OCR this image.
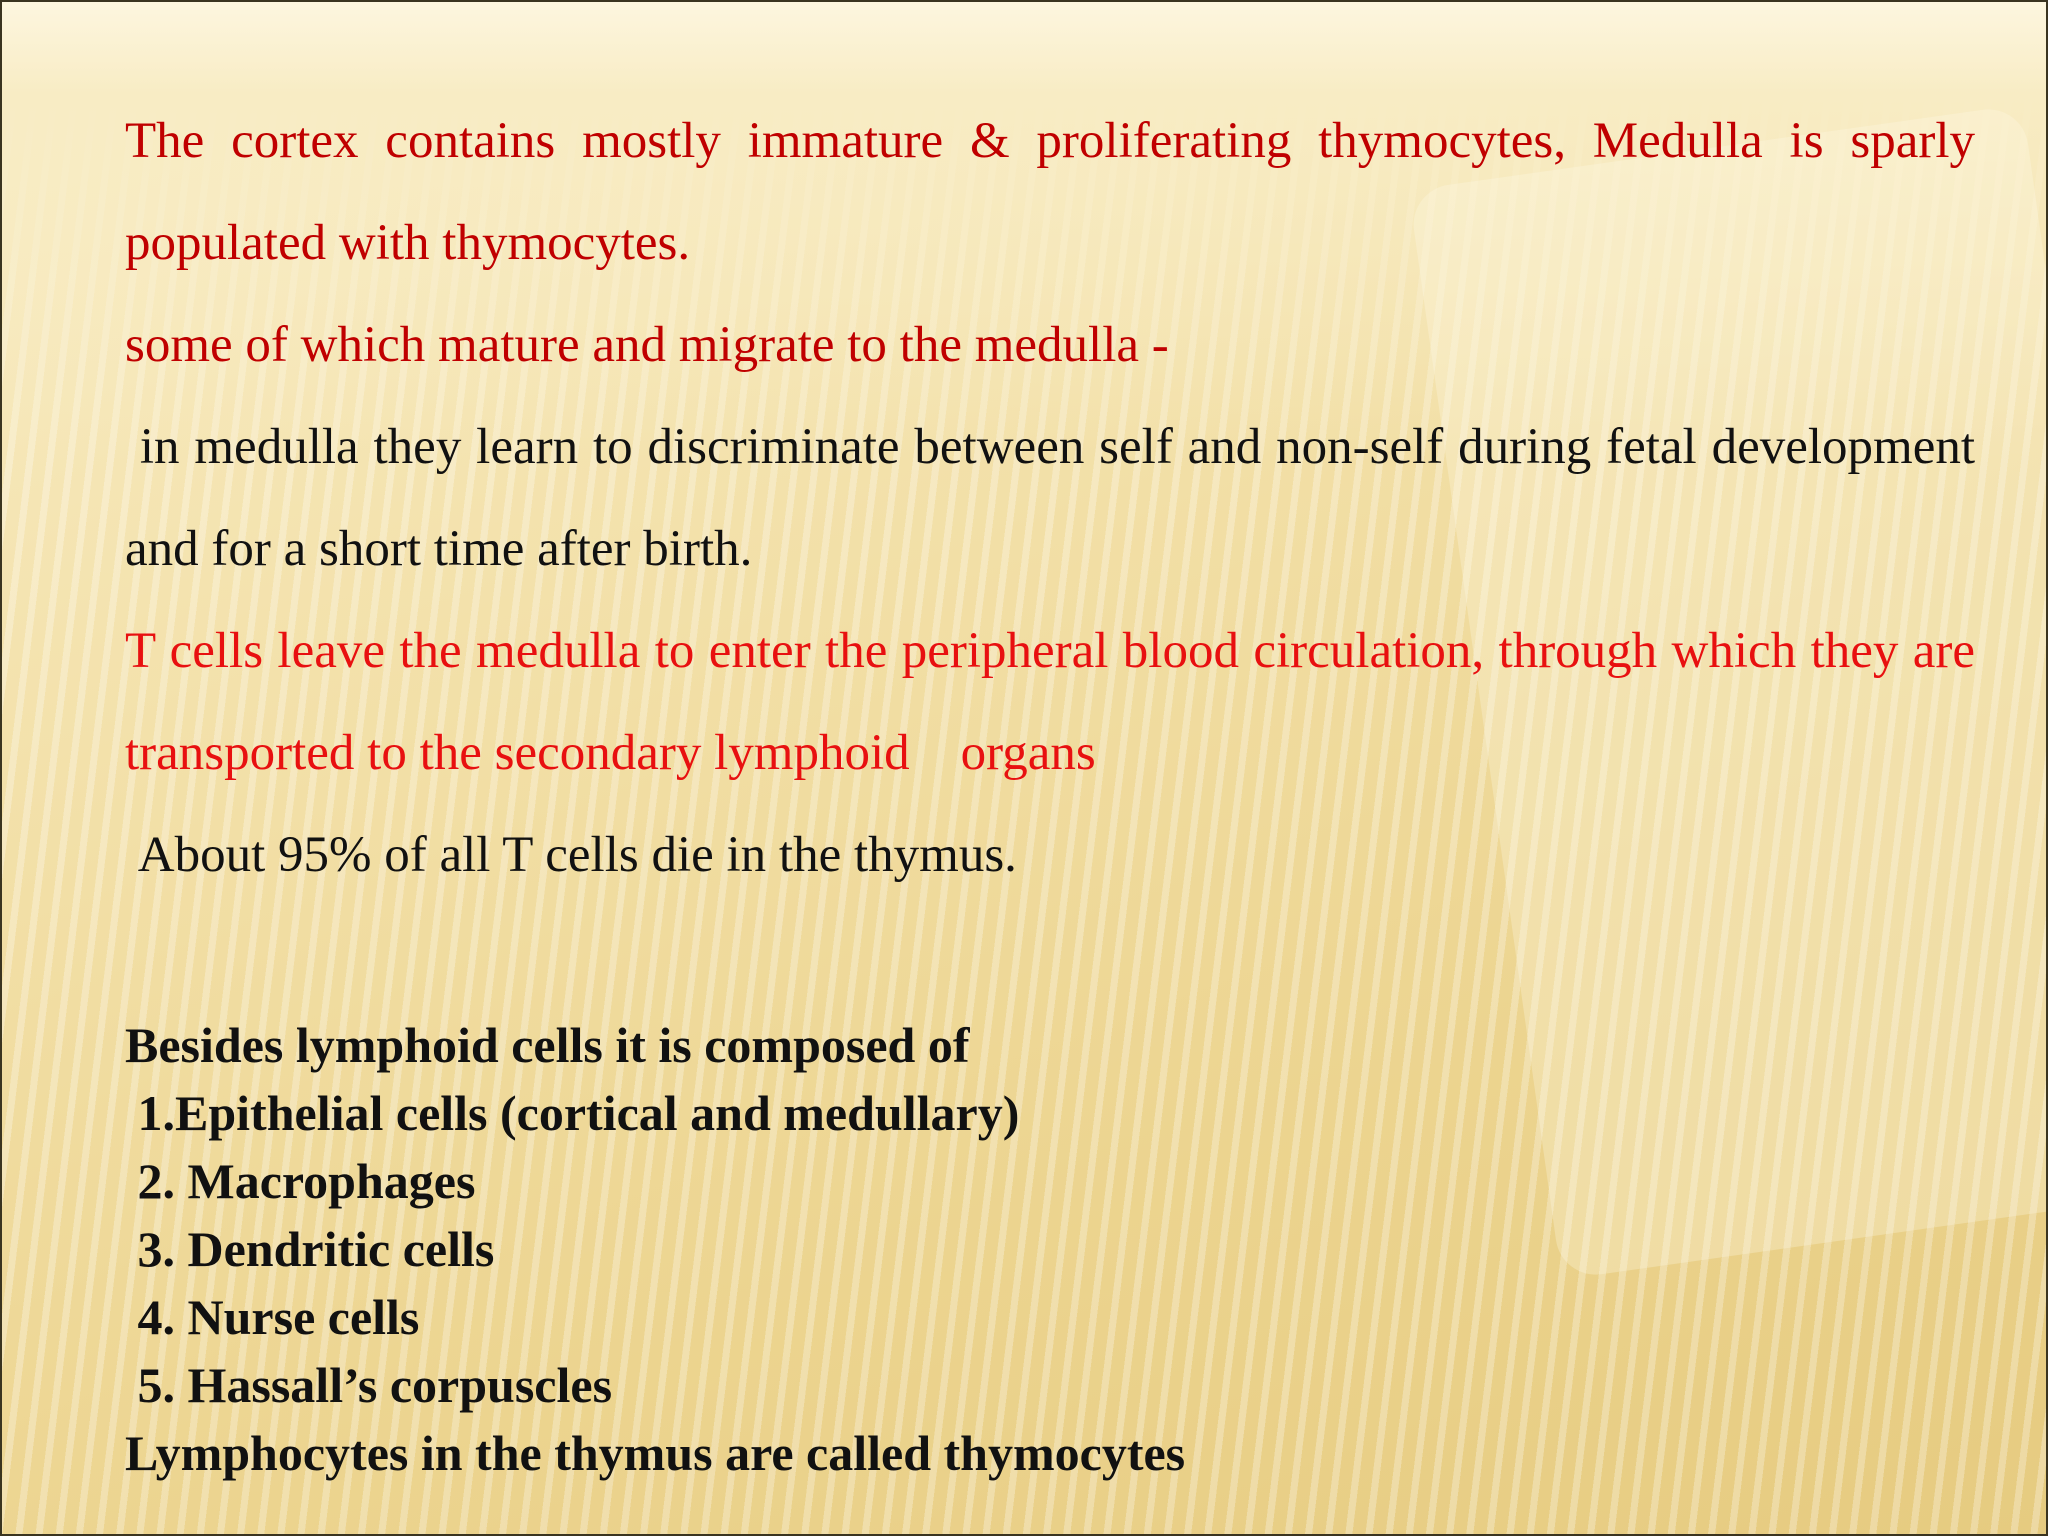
The cortex contains mostly immature & proliferating thymocytes, Medulla is sparly populated with thymocytes.

some of which mature and migrate to the medulla -

in medulla they learn to discriminate between self and non-self during fetal development and for a short time after birth.

T cells leave the medulla to enter the peripheral blood circulation, through which they are transported to the secondary lymphoid    organs

About 95% of all T cells die in the thymus.

Besides lymphoid cells it is composed of

1.Epithelial cells (cortical and medullary)

2. Macrophages

3. Dendritic cells

4. Nurse cells

5. Hassall’s corpuscles

Lymphocytes in the thymus are called thymocytes
